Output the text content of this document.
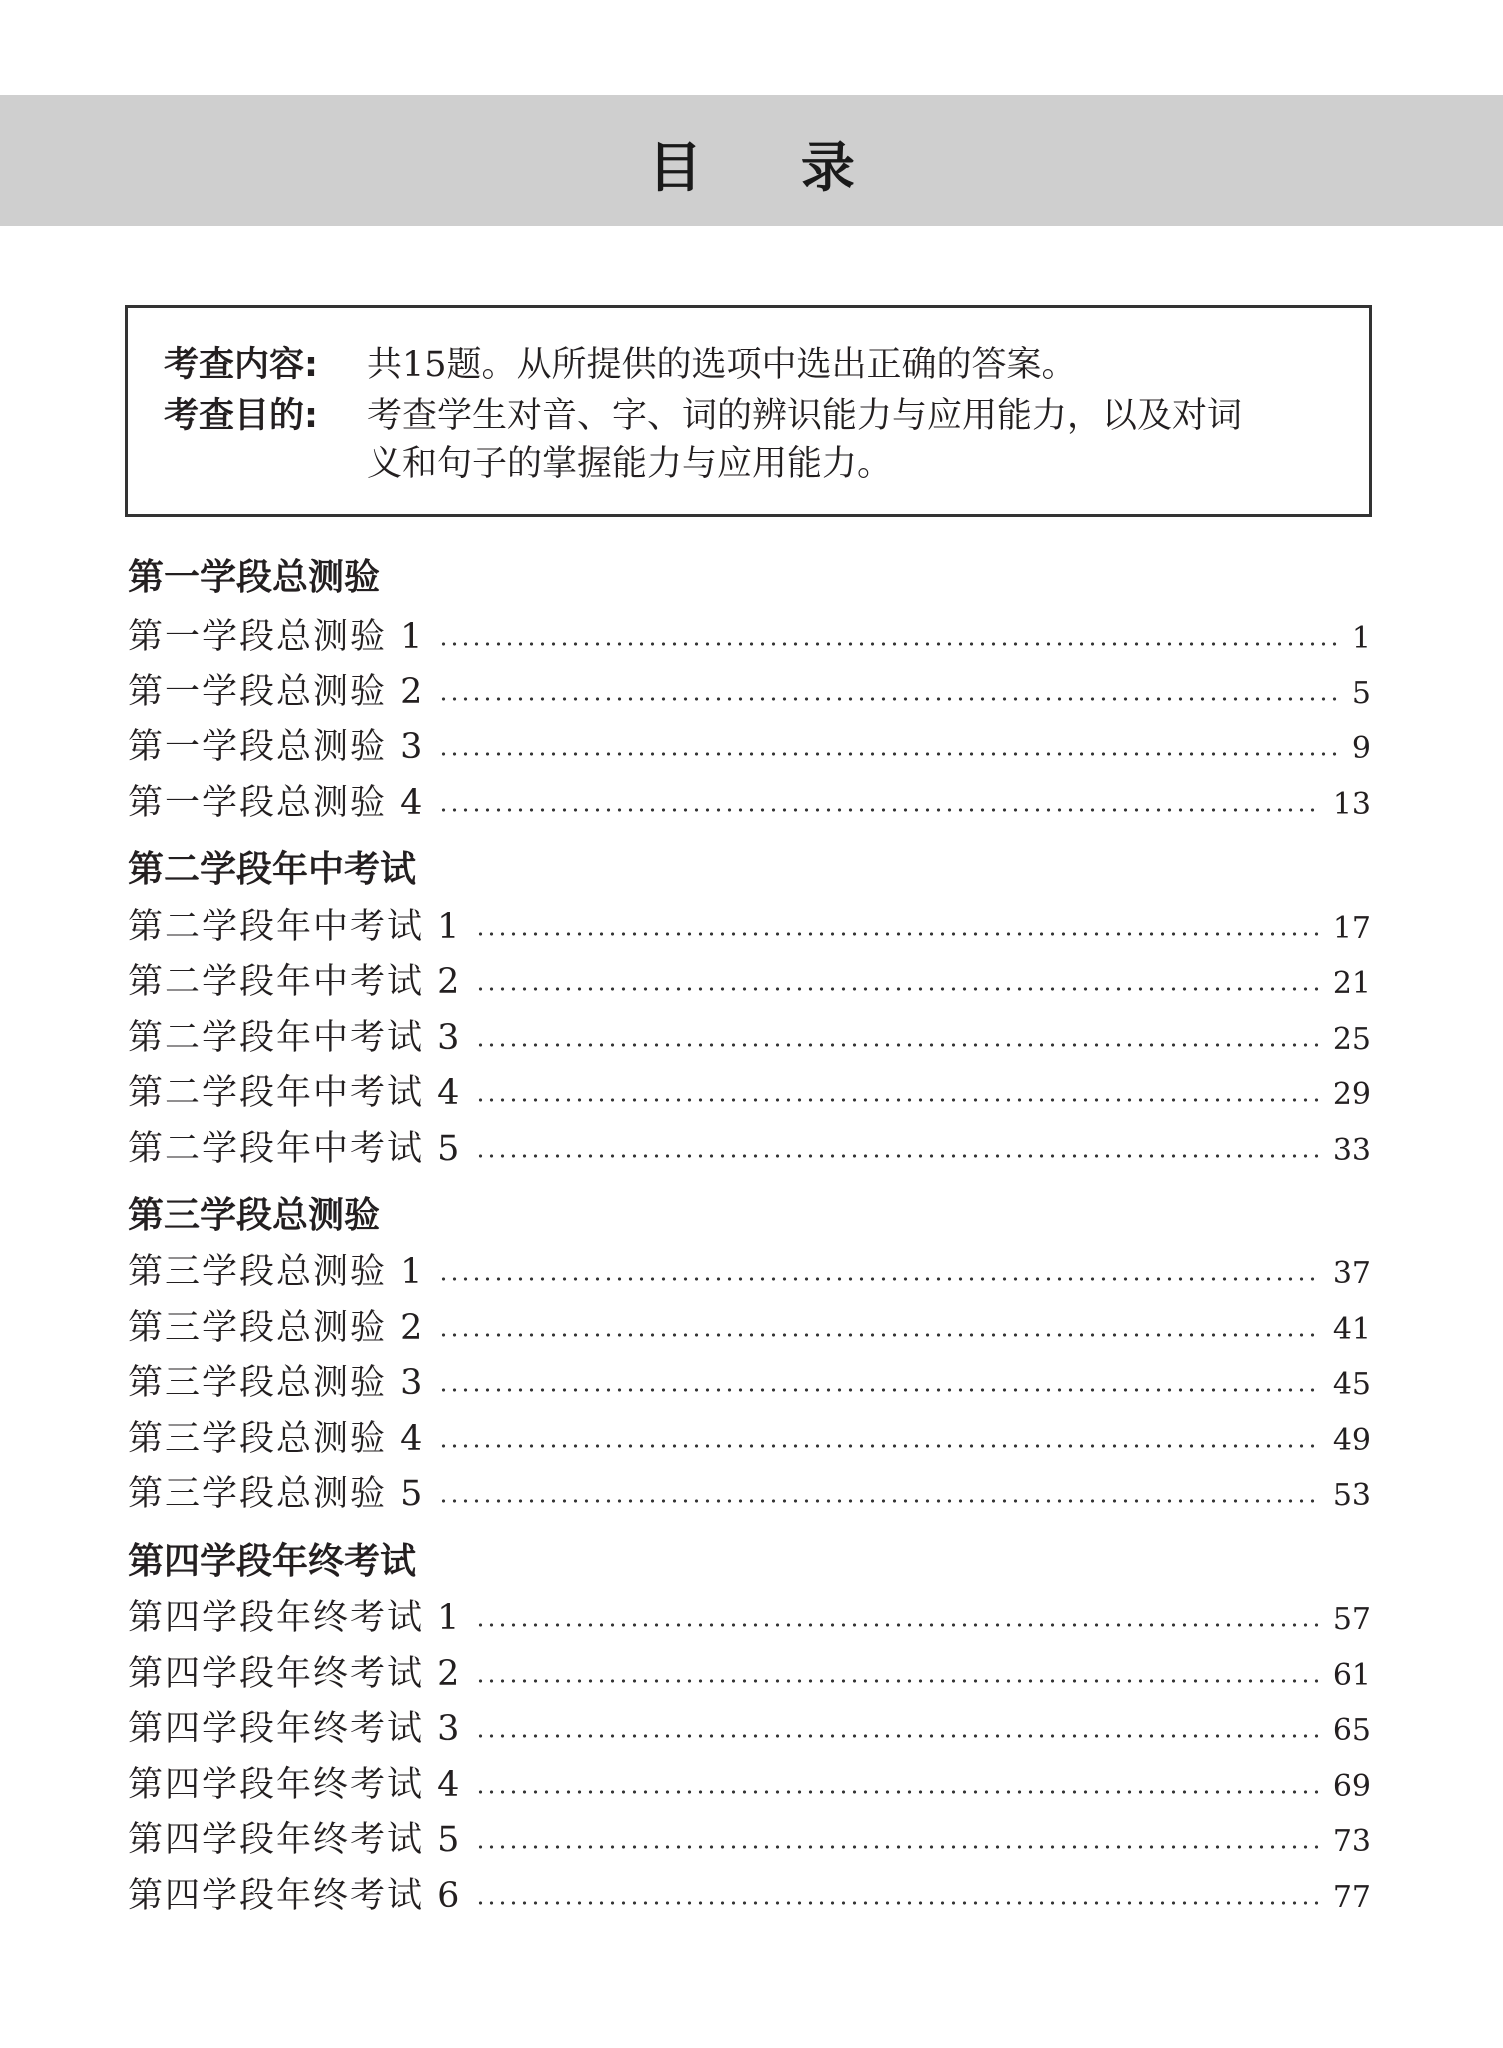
目 录
考查内容: 共15题。从所提供的选项中选出正确的答案。
考查目的: 考查学生对音、字、词的辨识能力与应用能力，以及对词
义和句子的掌握能力与应用能力。
第一学段总测验
第一学段总测验 1	1
第一学段总测验 2	5
第一学段总测验 3	9
第一学段总测验 4	13
第二学段年中考试
第二学段年中考试 1	17
第二学段年中考试 2	21
第二学段年中考试 3	25
第二学段年中考试 4	29
第二学段年中考试 5	33
第三学段总测验
第三学段总测验 1	37
第三学段总测验 2	41
第三学段总测验 3	45
第三学段总测验 4	49
第三学段总测验 5	53
第四学段年终考试
第四学段年终考试 1	57
第四学段年终考试 2	61
第四学段年终考试 3	65
第四学段年终考试 4	69
第四学段年终考试 5	73
第四学段年终考试 6	77
